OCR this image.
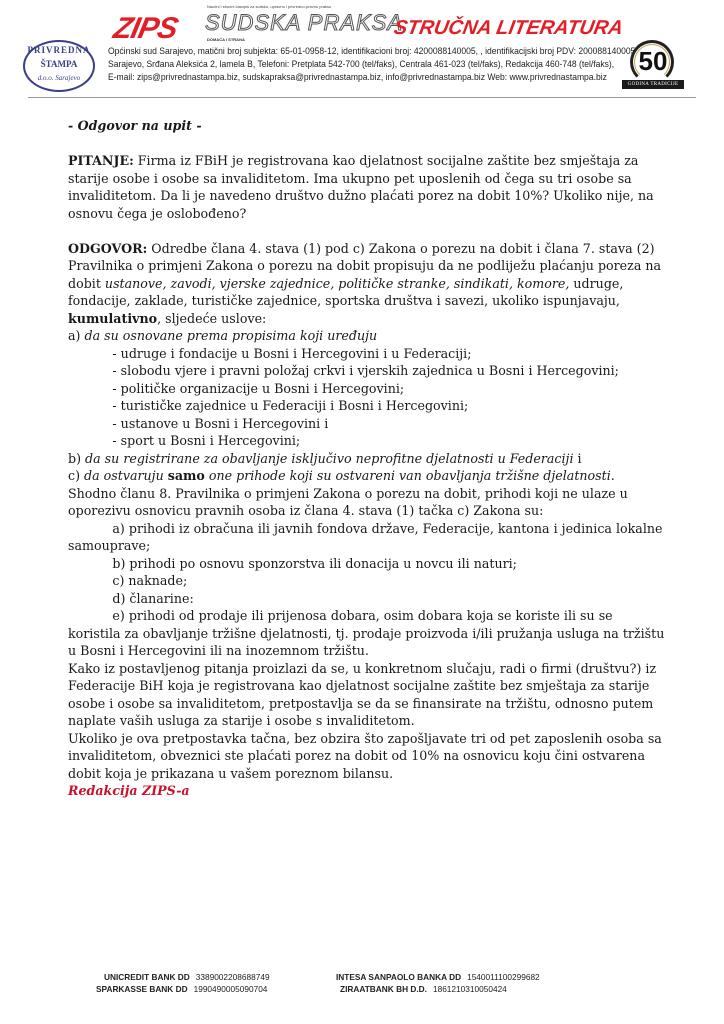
PRIVREDNA
ŠTAMPA
d.o.o. Sarajevo
ZIPS
Naučni i stručni časopis za sudsku, upravnu i privredno-pravnu praksu
SUDSKA PRAKSA
DOMAĆA I STRANA
STRUČNA LITERATURA
Općinski sud Sarajevo, matični broj subjekta: 65-01-0958-12, identifikacioni broj: 4200088140005, , identifikacijski broj PDV: 200088140005
Sarajevo, Srđana Aleksića 2, lamela B, Telefoni: Pretplata 542-700 (tel/faks), Centrala 461-023 (tel/faks), Redakcija 460-748 (tel/faks),
E-mail: zips@privrednastampa.biz, sudskapraksa@privrednastampa.biz, info@privrednastampa.biz Web: www.privrednastampa.biz
50
GODINA TRADICIJE

- Odgovor na upit -

PITANJE: Firma iz FBiH je registrovana kao djelatnost socijalne zaštite bez smještaja za starije osobe i osobe sa invaliditetom. Ima ukupno pet uposlenih od čega su tri osobe sa invaliditetom. Da li je navedeno društvo dužno plaćati porez na dobit 10%? Ukoliko nije, na osnovu čega je oslobođeno?

ODGOVOR: Odredbe člana 4. stava (1) pod c) Zakona o porezu na dobit i člana 7. stava (2) Pravilnika o primjeni Zakona o porezu na dobit propisuju da ne podliježu plaćanju poreza na dobit ustanove, zavodi, vjerske zajednice, političke stranke, sindikati, komore, udruge, fondacije, zaklade, turističke zajednice, sportska društva i savezi, ukoliko ispunjavaju, kumulativno, sljedeće uslove:

a) da su osnovane prema propisima koji uređuju

- udruge i fondacije u Bosni i Hercegovini i u Federaciji;

- slobodu vjere i pravni položaj crkvi i vjerskih zajednica u Bosni i Hercegovini;

- političke organizacije u Bosni i Hercegovini;

- turističke zajednice u Federaciji i Bosni i Hercegovini;

- ustanove u Bosni i Hercegovini i

- sport u Bosni i Hercegovini;

b) da su registrirane za obavljanje isključivo neprofitne djelatnosti u Federaciji i

c) da ostvaruju samo one prihode koji su ostvareni van obavljanja tržišne djelatnosti.

Shodno članu 8. Pravilnika o primjeni Zakona o porezu na dobit, prihodi koji ne ulaze u oporezivu osnovicu pravnih osoba iz člana 4. stava (1) tačka c) Zakona su:

a) prihodi iz obračuna ili javnih fondova države, Federacije, kantona i jedinica lokalne samouprave;

b) prihodi po osnovu sponzorstva ili donacija u novcu ili naturi;

c) naknade;

d) članarine:

e) prihodi od prodaje ili prijenosa dobara, osim dobara koja se koriste ili su se koristila za obavljanje tržišne djelatnosti, tj. prodaje proizvoda i/ili pružanja usluga na tržištu u Bosni i Hercegovini ili na inozemnom tržištu.

Kako iz postavljenog pitanja proizlazi da se, u konkretnom slučaju, radi o firmi (društvu?) iz Federacije BiH koja je registrovana kao djelatnost socijalne zaštite bez smještaja za starije osobe i osobe sa invaliditetom, pretpostavlja se da se finansirate na tržištu, odnosno putem naplate vaših usluga za starije i osobe s invaliditetom.

Ukoliko je ova pretpostavka tačna, bez obzira što zapošljavate tri od pet zaposlenih osoba sa invaliditetom, obveznici ste plaćati porez na dobit od 10% na osnovicu koju čini ostvarena dobit koja je prikazana u vašem poreznom bilansu.

Redakcija ZIPS-a

UNICREDIT BANK DD 3389002208688749
SPARKASSE BANK DD 1990490005090704
INTESA SANPAOLO BANKA DD 1540011100299682
ZIRAATBANK BH D.D. 1861210310050424
